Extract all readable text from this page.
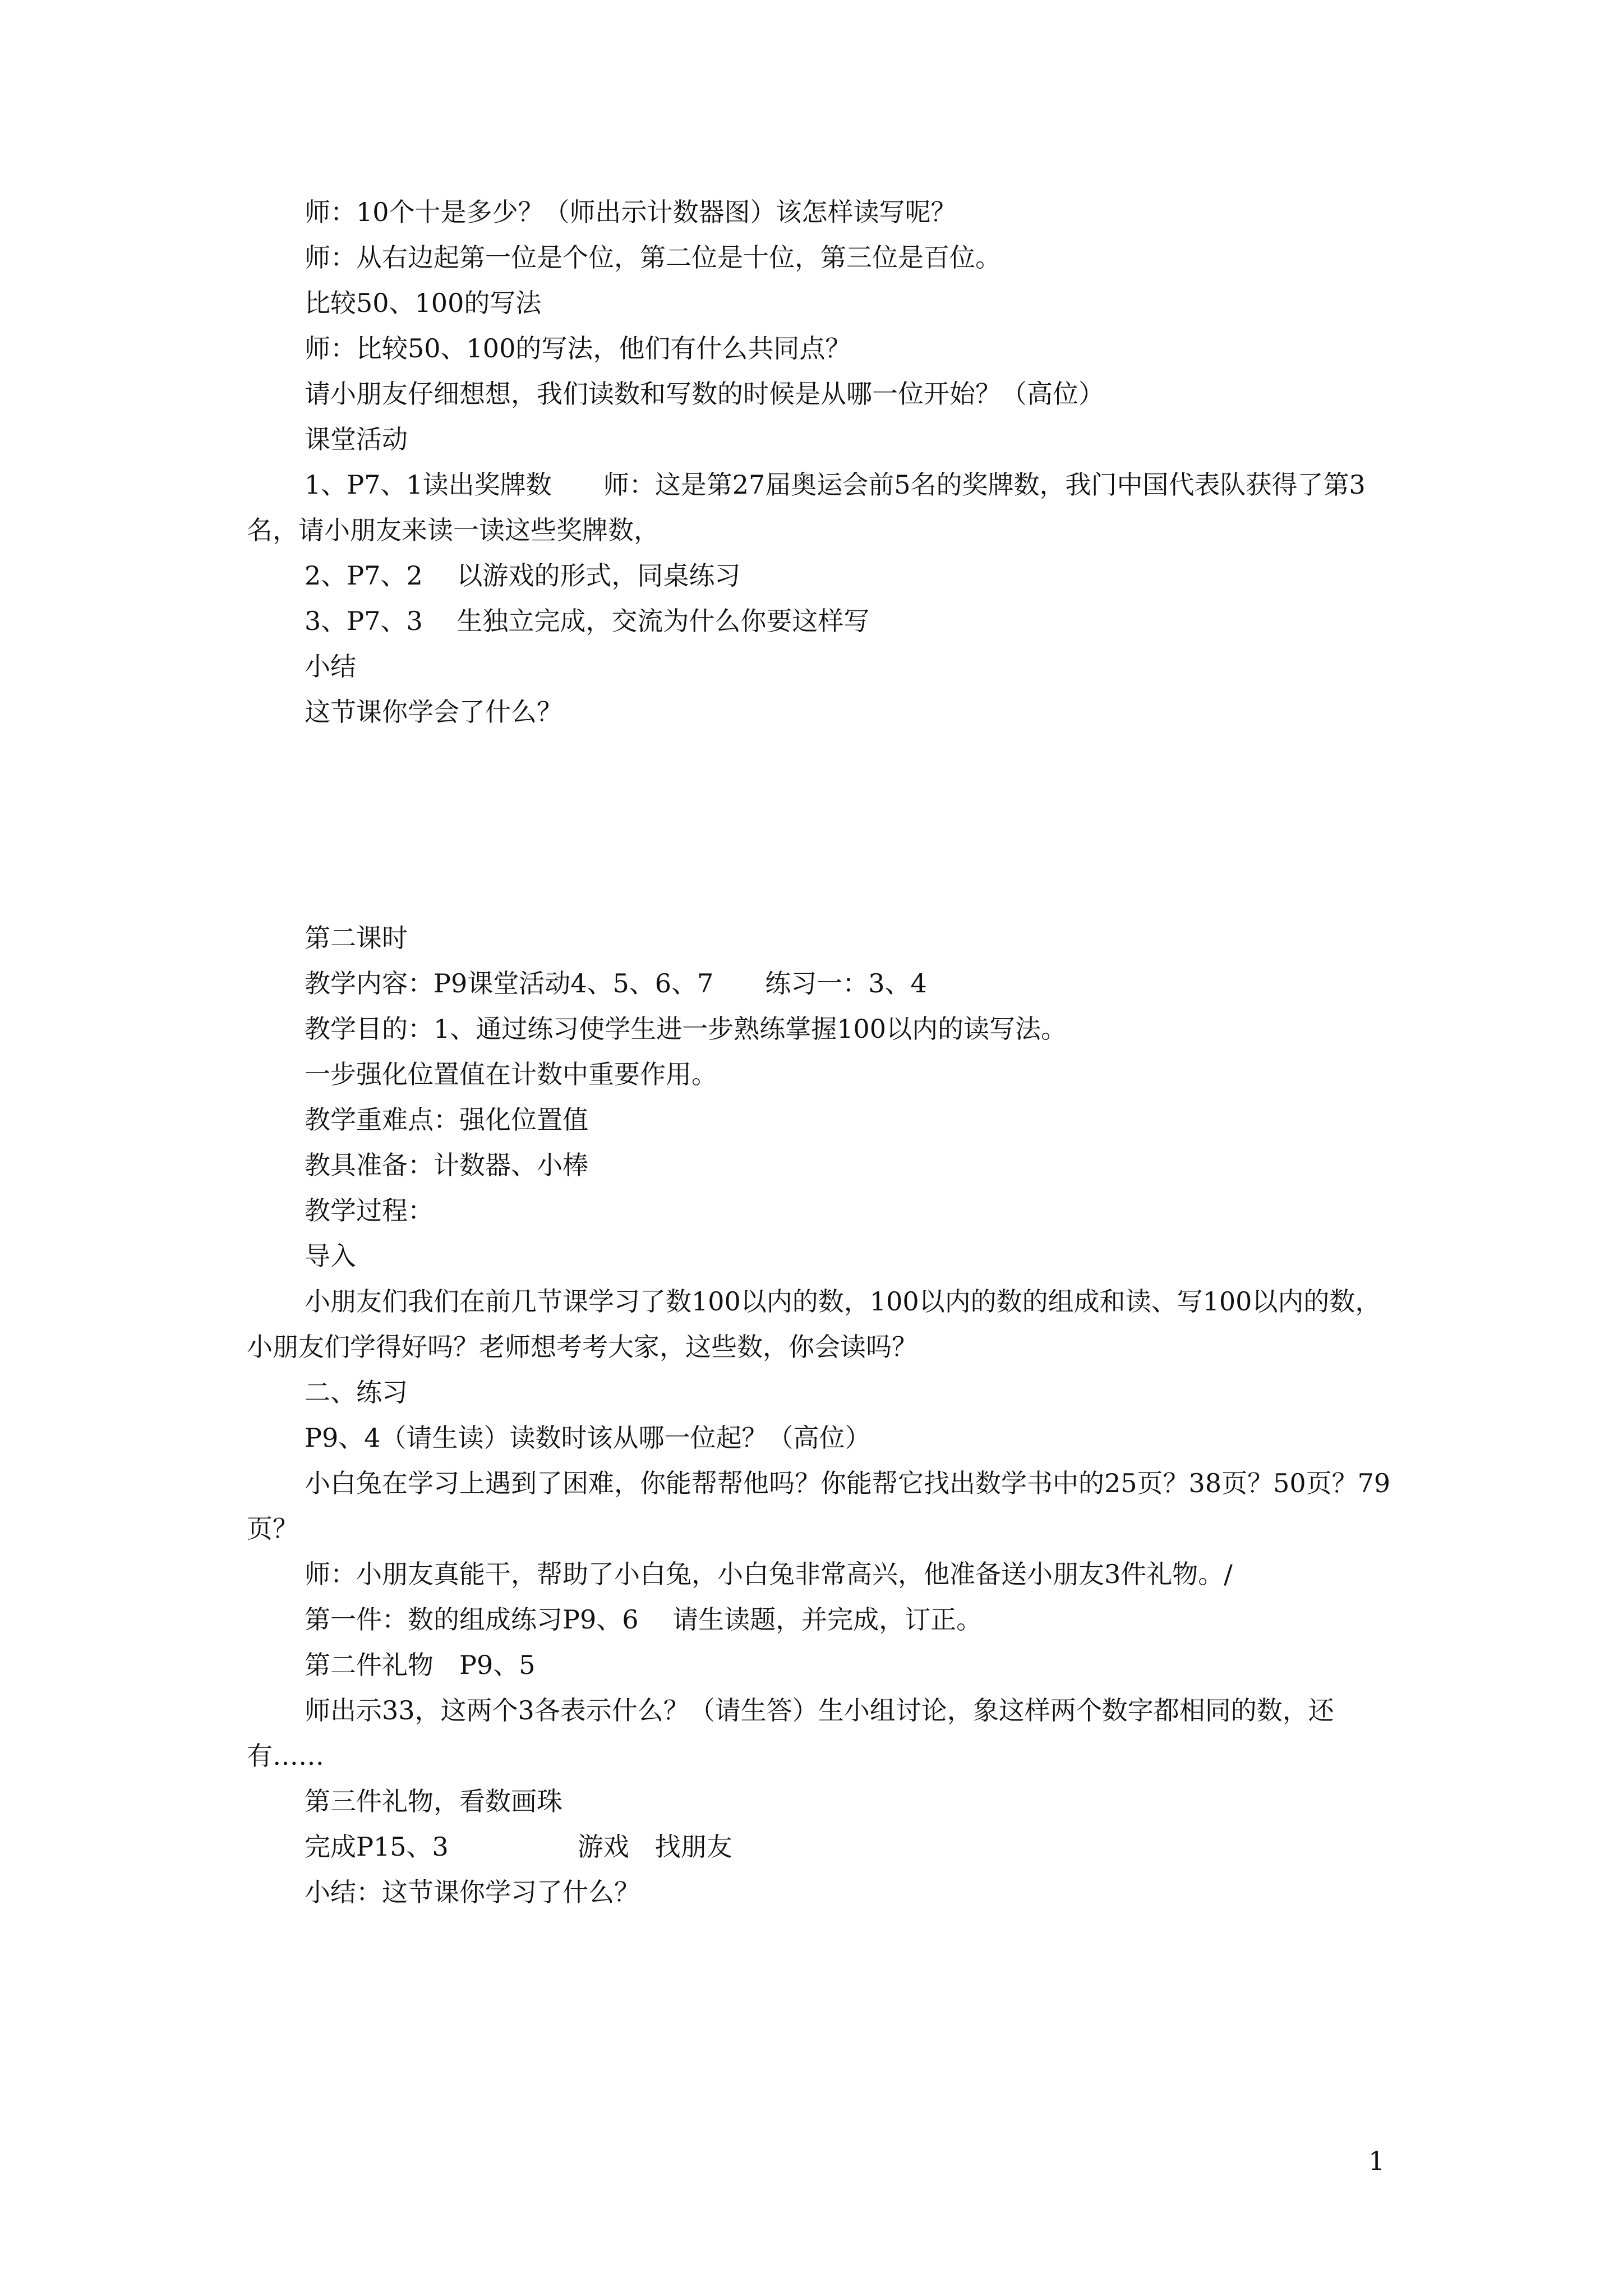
师：10个十是多少？（师出示计数器图）该怎样读写呢？

师：从右边起第一位是个位，第二位是十位，第三位是百位。

比较50、100的写法

师：比较50、100的写法，他们有什么共同点？

请小朋友仔细想想，我们读数和写数的时候是从哪一位开始？（高位）

课堂活动

1、P7、1读出奖牌数　　师：这是第27届奥运会前5名的奖牌数，我门中国代表队获得了第3名，请小朋友来读一读这些奖牌数，

2、P7、2　 以游戏的形式，同桌练习

3、P7、3　 生独立完成，交流为什么你要这样写

小结

这节课你学会了什么？

第二课时

教学内容：P9课堂活动4、5、6、7　　练习一：3、4

教学目的：1、通过练习使学生进一步熟练掌握100以内的读写法。

一步强化位置值在计数中重要作用。

教学重难点：强化位置值

教具准备：计数器、小棒

教学过程：

导入

小朋友们我们在前几节课学习了数100以内的数，100以内的数的组成和读、写100以内的数，小朋友们学得好吗？老师想考考大家，这些数，你会读吗？

二、练习

P9、4（请生读）读数时该从哪一位起？（高位）

小白兔在学习上遇到了困难，你能帮帮他吗？你能帮它找出数学书中的25页？38页？50页？79页？

师：小朋友真能干，帮助了小白兔，小白兔非常高兴，他准备送小朋友3件礼物。/

第一件：数的组成练习P9、6　 请生读题，并完成，订正。

第二件礼物　P9、5

师出示33，这两个3各表示什么？（请生答）生小组讨论，象这样两个数字都相同的数，还有……

第三件礼物，看数画珠

完成P15、3　　　　　游戏　找朋友

小结：这节课你学习了什么？

1
